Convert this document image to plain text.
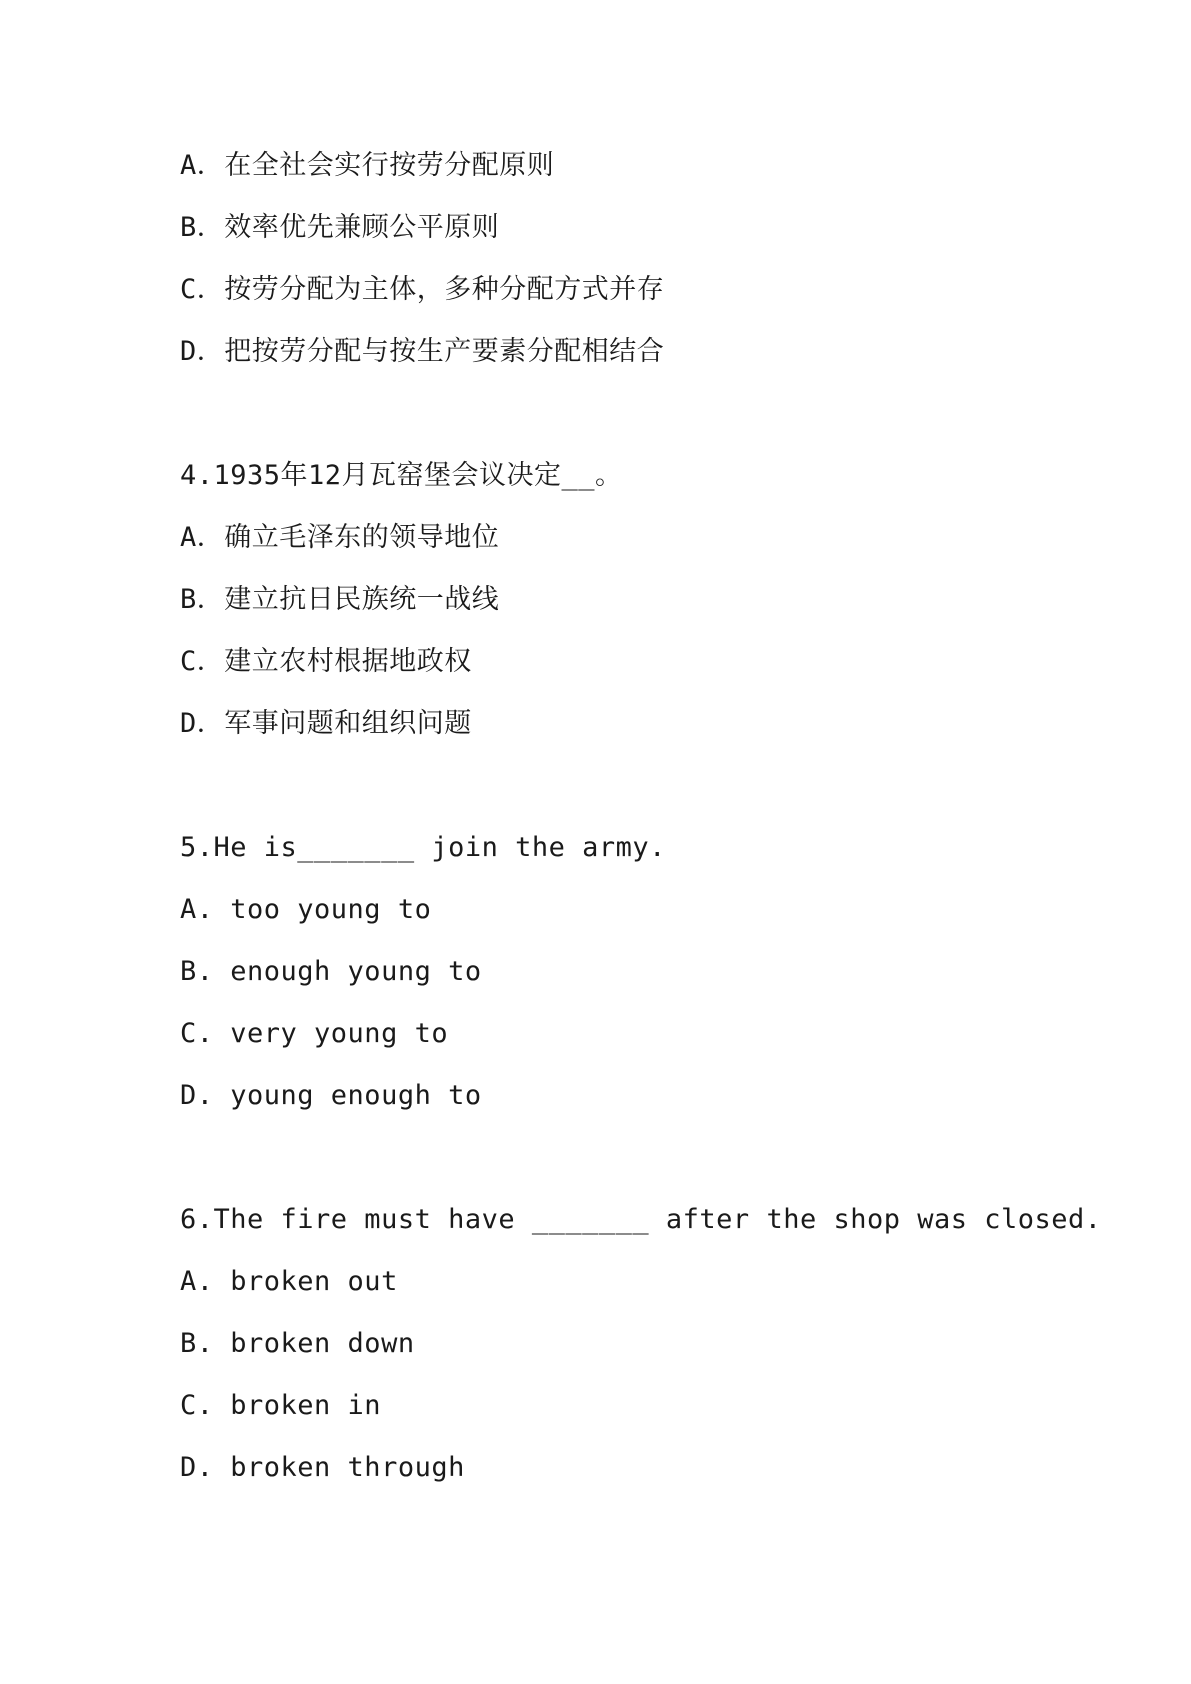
A．在全社会实行按劳分配原则
B．效率优先兼顾公平原则
C．按劳分配为主体，多种分配方式并存
D．把按劳分配与按生产要素分配相结合
4.1935年12月瓦窑堡会议决定__。
A．确立毛泽东的领导地位
B．建立抗日民族统一战线
C．建立农村根据地政权
D．军事问题和组织问题
5.He is_______ join the army.
A. too young to
B. enough young to
C. very young to
D. young enough to
6.The fire must have _______ after the shop was closed.
A. broken out
B. broken down
C. broken in
D. broken through
